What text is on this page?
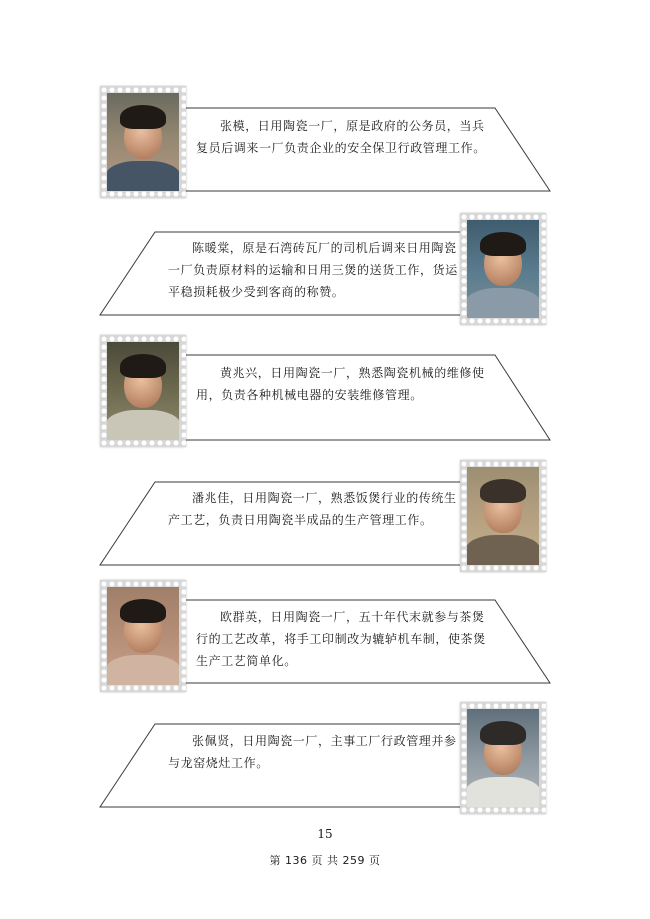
张模，日用陶瓷一厂，原是政府的公务员，当兵复员后调来一厂负责企业的安全保卫行政管理工作。

陈暖棠，原是石湾砖瓦厂的司机后调来日用陶瓷一厂负责原材料的运输和日用三煲的送货工作，货运平稳损耗极少受到客商的称赞。

黄兆兴，日用陶瓷一厂，熟悉陶瓷机械的维修使用，负责各种机械电器的安装维修管理。

潘兆佳，日用陶瓷一厂，熟悉饭煲行业的传统生产工艺，负责日用陶瓷半成品的生产管理工作。

欧群英，日用陶瓷一厂，五十年代末就参与茶煲行的工艺改革，将手工印制改为辘轳机车制，使茶煲生产工艺简单化。

张佩贤，日用陶瓷一厂，主事工厂行政管理并参与龙窑烧灶工作。

15
第 136 页 共 259 页
